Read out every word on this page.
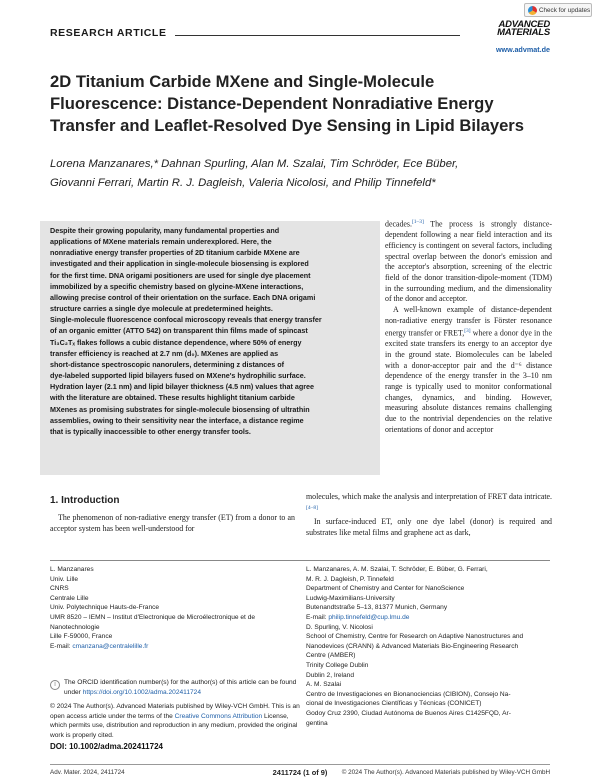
Check for updates
RESEARCH ARTICLE
ADVANCED
MATERIALS
www.advmat.de
2D Titanium Carbide MXene and Single-Molecule Fluorescence: Distance-Dependent Nonradiative Energy Transfer and Leaflet-Resolved Dye Sensing in Lipid Bilayers
Lorena Manzanares,* Dahnan Spurling, Alan M. Szalai, Tim Schröder, Ece Büber,
Giovanni Ferrari, Martin R. J. Dagleish, Valeria Nicolosi, and Philip Tinnefeld*
Despite their growing popularity, many fundamental properties and
applications of MXene materials remain underexplored. Here, the
nonradiative energy transfer properties of 2D titanium carbide MXene are
investigated and their application in single-molecule biosensing is explored
for the first time. DNA origami positioners are used for single dye placement
immobilized by a specific chemistry based on glycine-MXene interactions,
allowing precise control of their orientation on the surface. Each DNA origami
structure carries a single dye molecule at predetermined heights.
Single-molecule fluorescence confocal microscopy reveals that energy transfer
of an organic emitter (ATTO 542) on transparent thin films made of spincast
Ti₃C₂Tₓ flakes follows a cubic distance dependence, where 50% of energy
transfer efficiency is reached at 2.7 nm (d₀). MXenes are applied as
short-distance spectroscopic nanorulers, determining z distances of
dye-labeled supported lipid bilayers fused on MXene's hydrophilic surface.
Hydration layer (2.1 nm) and lipid bilayer thickness (4.5 nm) values that agree
with the literature are obtained. These results highlight titanium carbide
MXenes as promising substrates for single-molecule biosensing of ultrathin
assemblies, owing to their sensitivity near the interface, a distance regime
that is typically inaccessible to other energy transfer tools.

decades.[1–3] The process is strongly distance-dependent following a near field interaction and its efficiency is contingent on several factors, including spectral overlap between the donor's emission and the acceptor's absorption, screening of the electric field of the donor transition-dipole-moment (TDM) in the surrounding medium, and the dimensionality of the donor and acceptor.

A well-known example of distance-dependent non-radiative energy transfer is Förster resonance energy transfer or FRET,[3] where a donor dye in the excited state transfers its energy to an acceptor dye in the ground state. Biomolecules can be labeled with a donor-acceptor pair and the d⁻⁶ distance dependence of the energy transfer in the 3–10 nm range is typically used to monitor conformational changes, dynamics, and binding. However, measuring absolute distances remains challenging due to the nontrivial dependencies on the relative orientations of donor and acceptor

molecules, which make the analysis and interpretation of FRET data intricate.[4–8]

In surface-induced ET, only one dye label (donor) is required and substrates like metal films and graphene act as dark,

1. Introduction
The phenomenon of non-radiative energy transfer (ET) from a donor to an acceptor system has been well-understood for
L. Manzanares
Univ. Lille
CNRS
Centrale Lille
Univ. Polytechnique Hauts-de-France
UMR 8520 – IEMN – Institut d'Electronique de Microélectronique et de
Nanotechnologie
Lille F-59000, France
E-mail: cmanzana@centralelille.fr
L. Manzanares, A. M. Szalai, T. Schröder, E. Büber, G. Ferrari,
M. R. J. Dagleish, P. Tinnefeld
Department of Chemistry and Center for NanoScience
Ludwig-Maximilians-University
Butenandtstraße 5–13, 81377 Munich, Germany
E-mail: philip.tinnefeld@cup.lmu.de
D. Spurling, V. Nicolosi
School of Chemistry, Centre for Research on Adaptive Nanostructures and
Nanodevices (CRANN) & Advanced Materials Bio-Engineering Research
Centre (AMBER)
Trinity College Dublin
Dublin 2, Ireland
A. M. Szalai
Centro de Investigaciones en Bionanociencias (CIBION), Consejo Na-
cional de Investigaciones Científicas y Técnicas (CONICET)
Godoy Cruz 2390, Ciudad Autónoma de Buenos Aires C1425FQD, Ar-
gentina
i	The ORCID identification number(s) for the author(s) of this article can be found under https://doi.org/10.1002/adma.202411724
© 2024 The Author(s). Advanced Materials published by Wiley-VCH GmbH. This is an open access article under the terms of the Creative Commons Attribution License, which permits use, distribution and reproduction in any medium, provided the original work is properly cited.
DOI: 10.1002/adma.202411724
Adv. Mater. 2024, 2411724	2411724 (1 of 9)	© 2024 The Author(s). Advanced Materials published by Wiley-VCH GmbH
